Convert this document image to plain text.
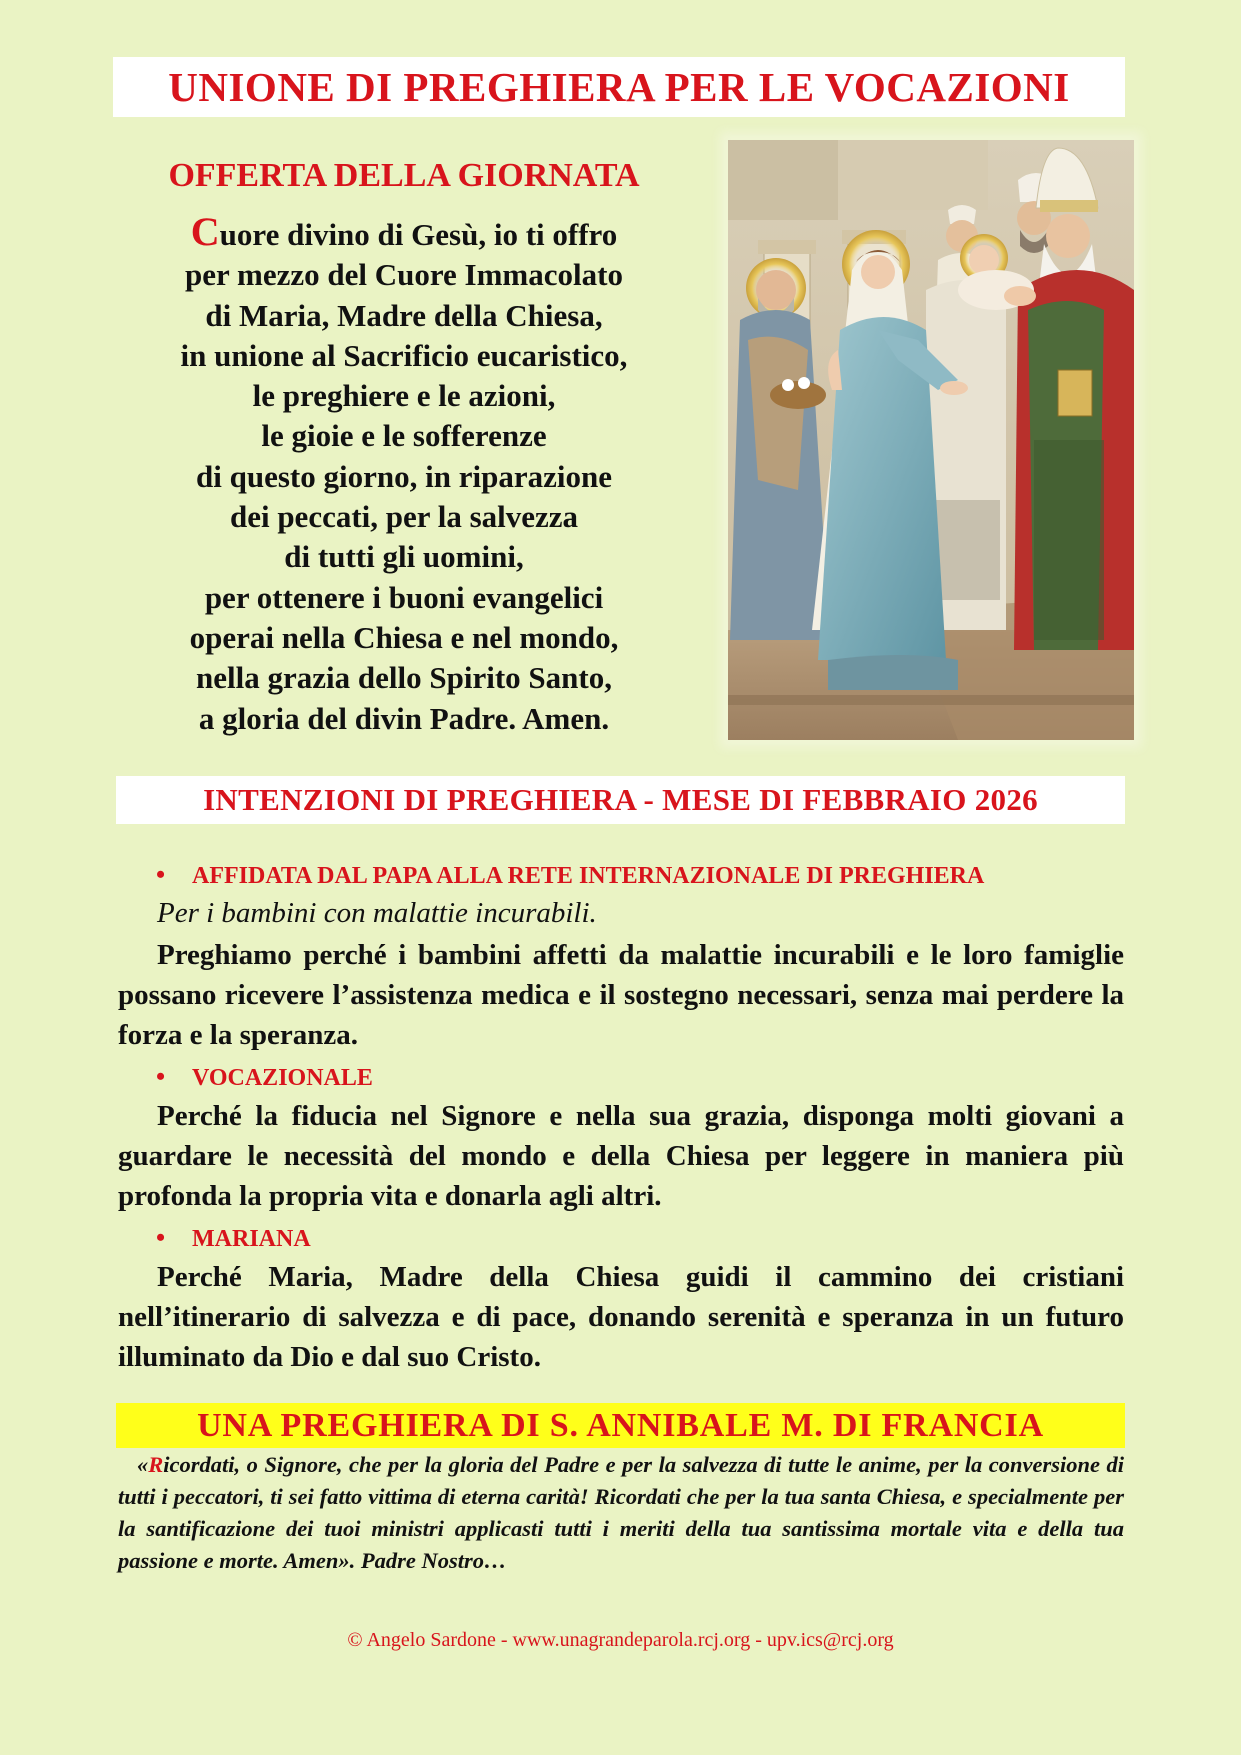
UNIONE DI PREGHIERA PER LE VOCAZIONI
OFFERTA DELLA GIORNATA
Cuore divino di Gesù, io ti offro
per mezzo del Cuore Immacolato
di Maria, Madre della Chiesa,
in unione al Sacrificio eucaristico,
le preghiere e le azioni,
le gioie e le sofferenze
di questo giorno, in riparazione
dei peccati, per la salvezza
di tutti gli uomini,
per ottenere i buoni evangelici
operai nella Chiesa e nel mondo,
nella grazia dello Spirito Santo,
a gloria del divin Padre. Amen.
INTENZIONI DI PREGHIERA - MESE DI FEBBRAIO 2026
• AFFIDATA DAL PAPA ALLA RETE INTERNAZIONALE DI PREGHIERA
Per i bambini con malattie incurabili.
Preghiamo perché i bambini affetti da malattie incurabili e le loro famiglie possano ricevere l’assistenza medica e il sostegno necessari, senza mai perdere la forza e la speranza.
• VOCAZIONALE
Perché la fiducia nel Signore e nella sua grazia, disponga molti giovani a guardare le necessità del mondo e della Chiesa per leggere in maniera più profonda la propria vita e donarla agli altri.
• MARIANA
Perché Maria, Madre della Chiesa guidi il cammino dei cristiani nell’itinerario di salvezza e di pace, donando serenità e speranza in un futuro illuminato da Dio e dal suo Cristo.
UNA PREGHIERA DI S. ANNIBALE M. DI FRANCIA
«Ricordati, o Signore, che per la gloria del Padre e per la salvezza di tutte le anime, per la conversione di tutti i peccatori, ti sei fatto vittima di eterna carità! Ricordati che per la tua santa Chiesa, e specialmente per la santificazione dei tuoi ministri applicasti tutti i meriti della tua santissima mortale vita e della tua passione e morte. Amen». Padre Nostro…
© Angelo Sardone - www.unagrandeparola.rcj.org - upv.ics@rcj.org
